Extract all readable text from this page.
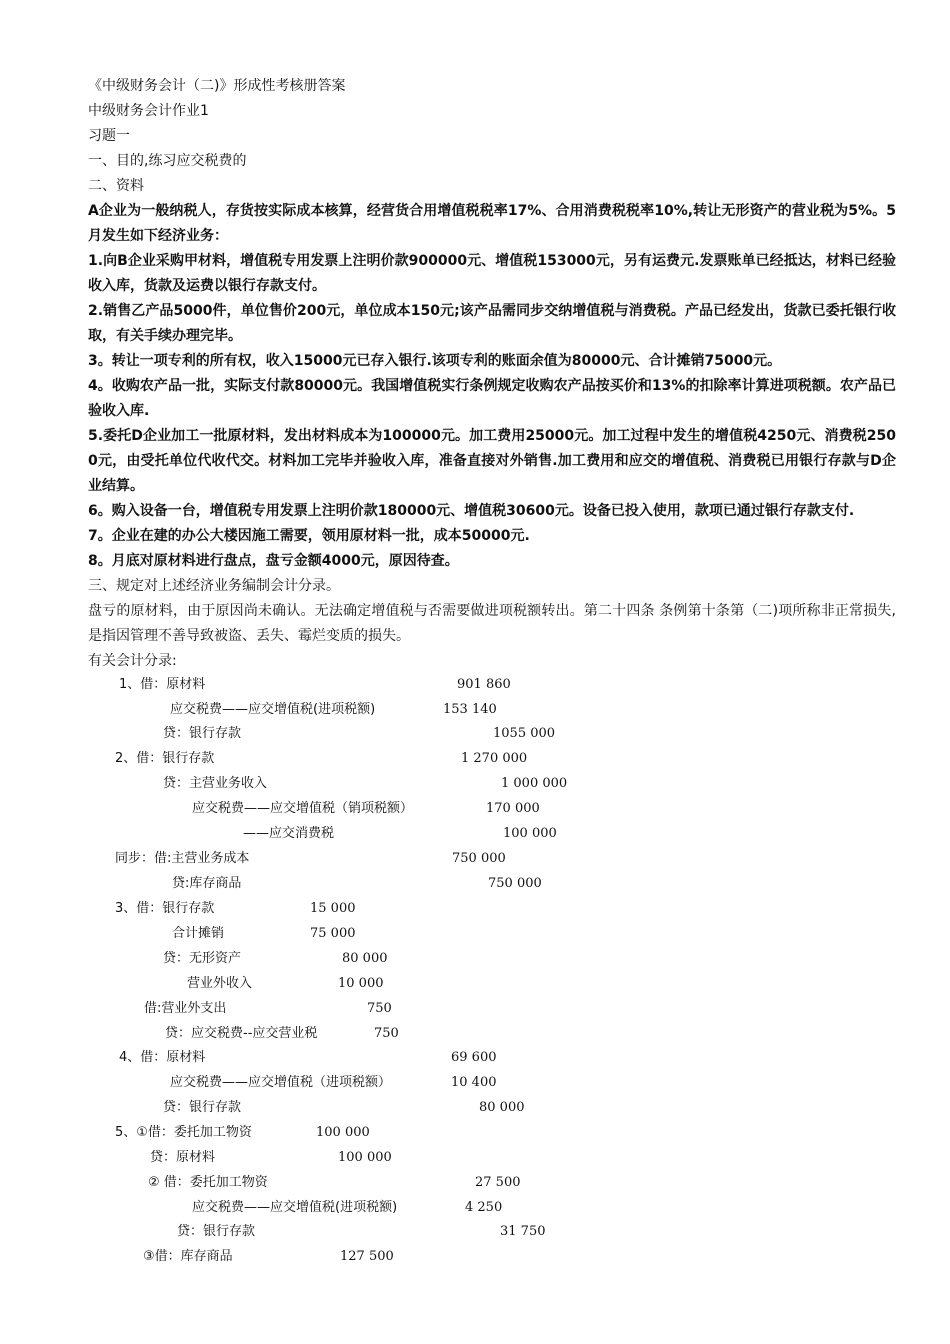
《中级财务会计（二)》形成性考核册答案

中级财务会计作业1

习题一

一、目的,练习应交税费的

二、资料

A企业为一般纳税人，存货按实际成本核算，经营货合用增值税税率17%、合用消费税税率10%,转让无形资产的营业税为5%。5月发生如下经济业务：

1.向B企业采购甲材料，增值税专用发票上注明价款900000元、增值税153000元，另有运费元.发票账单已经抵达，材料已经验收入库，货款及运费以银行存款支付。

2.销售乙产品5000件，单位售价200元，单位成本150元;该产品需同步交纳增值税与消费税。产品已经发出，货款已委托银行收取，有关手续办理完毕。

3。转让一项专利的所有权，收入15000元已存入银行.该项专利的账面余值为80000元、合计摊销75000元。

4。收购农产品一批，实际支付款80000元。我国增值税实行条例规定收购农产品按买价和13%的扣除率计算进项税额。农产品已验收入库.

5.委托D企业加工一批原材料，发出材料成本为100000元。加工费用25000元。加工过程中发生的增值税4250元、消费税2500元，由受托单位代收代交。材料加工完毕并验收入库，准备直接对外销售.加工费用和应交的增值税、消费税已用银行存款与D企业结算。

6。购入设备一台，增值税专用发票上注明价款180000元、增值税30600元。设备已投入使用，款项已通过银行存款支付.

7。企业在建的办公大楼因施工需要，领用原材料一批，成本50000元.

8。月底对原材料进行盘点，盘亏金额4000元，原因待查。

三、规定对上述经济业务编制会计分录。

盘亏的原材料，由于原因尚未确认。无法确定增值税与否需要做进项税额转出。第二十四条 条例第十条第（二)项所称非正常损失,是指因管理不善导致被盗、丢失、霉烂变质的损失。

有关会计分录:

1、借：原材料	901 860
应交税费——应交增值税(进项税额)	153 140
贷：银行存款	1055 000
2、借：银行存款	1 270 000
贷：主营业务收入	1 000 000
应交税费——应交增值税（销项税额）	170 000
——应交消费税	100 000
同步：借:主营业务成本	750 000
贷:库存商品	750 000
3、借：银行存款	15 000
合计摊销	75 000
贷：无形资产	80 000
营业外收入	10 000
借:营业外支出	750
贷：应交税费--应交营业税	750
4、借：原材料	69 600
应交税费——应交增值税（进项税额）	10 400
贷：银行存款	80 000
5、①借：委托加工物资	100 000
贷：原材料	100 000
② 借：委托加工物资	27 500
应交税费——应交增值税(进项税额)	4 250
贷：银行存款	31 750
③借：库存商品	127 500
